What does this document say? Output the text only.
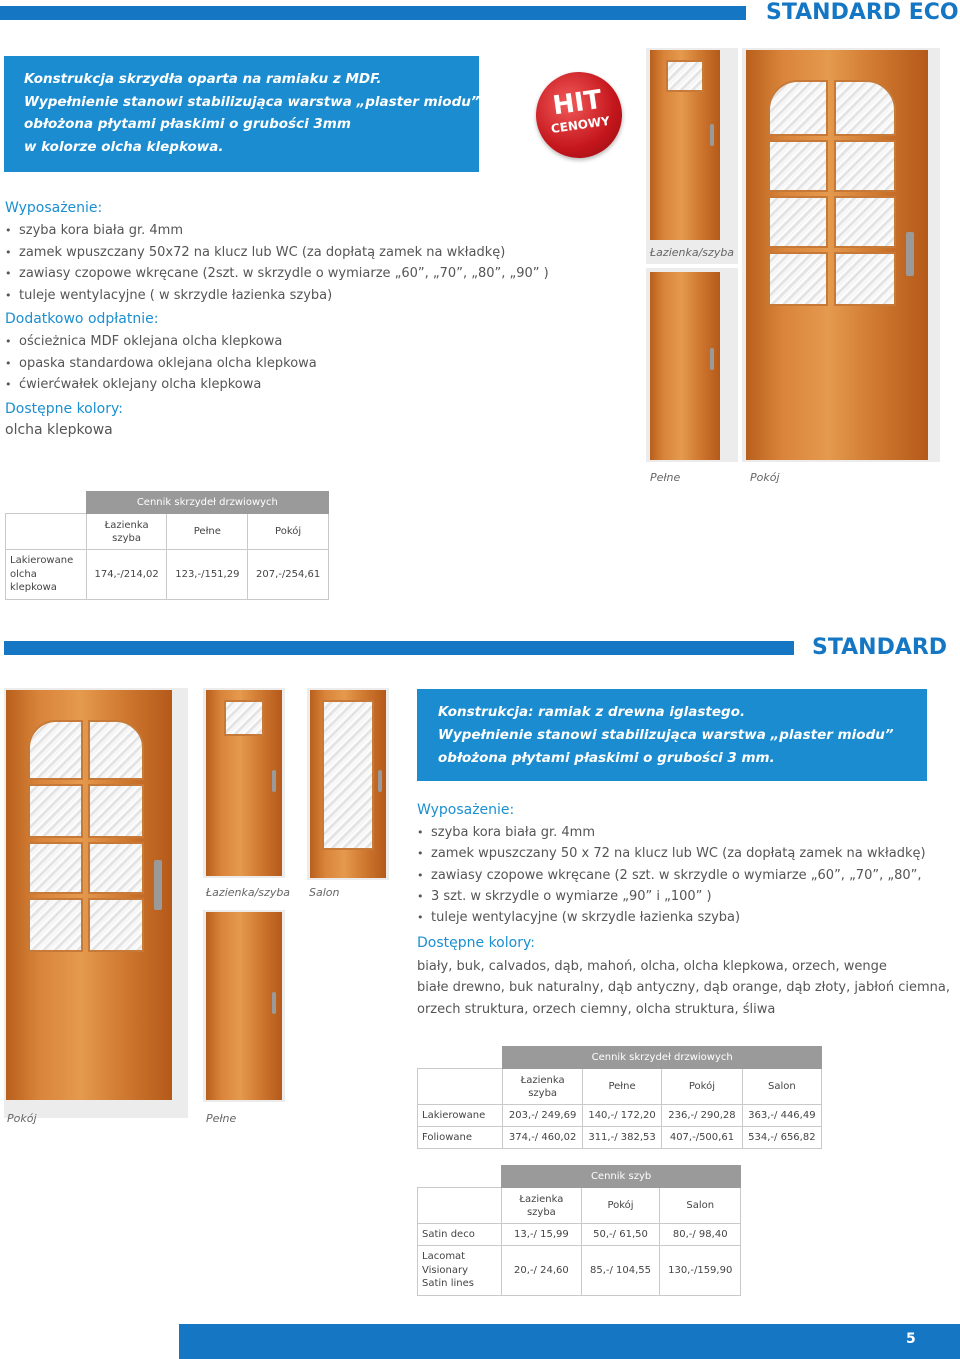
STANDARD ECO
Konstrukcja skrzydła oparta na ramiaku z MDF.
Wypełnienie stanowi stabilizująca warstwa „plaster miodu”
obłożona płytami płaskimi o grubości 3mm
w kolorze olcha klepkowa.
HIT
CENOWY
Łazienka/szyba
Pełne	Pokój
Wyposażenie:
• szyba kora biała gr. 4mm
• zamek wpuszczany 50x72 na klucz lub WC (za dopłatą zamek na wkładkę)
• zawiasy czopowe wkręcane (2szt. w skrzydle o wymiarze „60”, „70”, „80”, „90” )
• tuleje wentylacyjne ( w skrzydle łazienka szyba)
Dodatkowo odpłatnie:
• ościeżnica MDF oklejana olcha klepkowa
• opaska standardowa oklejana olcha klepkowa
• ćwierćwałek oklejany olcha klepkowa
Dostępne kolory:
olcha klepkowa
	Cennik skrzydeł drzwiowych		
	Łazienka
szyba	Pełne	Pokój
Lakierowane
olcha
klepkowa	174,-/214,02	123,-/151,29	207,-/254,61
STANDARD
Łazienka/szyba Salon
Pokój	Pełne
Konstrukcja: ramiak z drewna iglastego.
Wypełnienie stanowi stabilizująca warstwa „plaster miodu”
obłożona płytami płaskimi o grubości 3 mm.
Wyposażenie:
• szyba kora biała gr. 4mm
• zamek wpuszczany 50 x 72 na klucz lub WC (za dopłatą zamek na wkładkę)
• zawiasy czopowe wkręcane (2 szt. w skrzydle o wymiarze „60”, „70”, „80”,
• 3 szt. w skrzydle o wymiarze „90” i „100” )
• tuleje wentylacyjne (w skrzydle łazienka szyba)
Dostępne kolory:
biały, buk, calvados, dąb, mahoń, olcha, olcha klepkowa, orzech, wenge
białe drewno, buk naturalny, dąb antyczny, dąb orange, dąb złoty, jabłoń ciemna,
orzech struktura, orzech ciemny, olcha struktura, śliwa
	Cennik skrzydeł drzwiowych			
	Łazienka
szyba	Pełne	Pokój	Salon
Lakierowane	203,-/ 249,69	140,-/ 172,20	236,-/ 290,28	363,-/ 446,49
Foliowane	374,-/ 460,02	311,-/ 382,53	407,-/500,61	534,-/ 656,82
	Cennik szyb		
	Łazienka
szyba	Pokój	Salon
Satin deco	13,-/ 15,99	50,-/ 61,50	80,-/ 98,40
Lacomat
Visionary
Satin lines	20,-/ 24,60	85,-/ 104,55	130,-/159,90
5
